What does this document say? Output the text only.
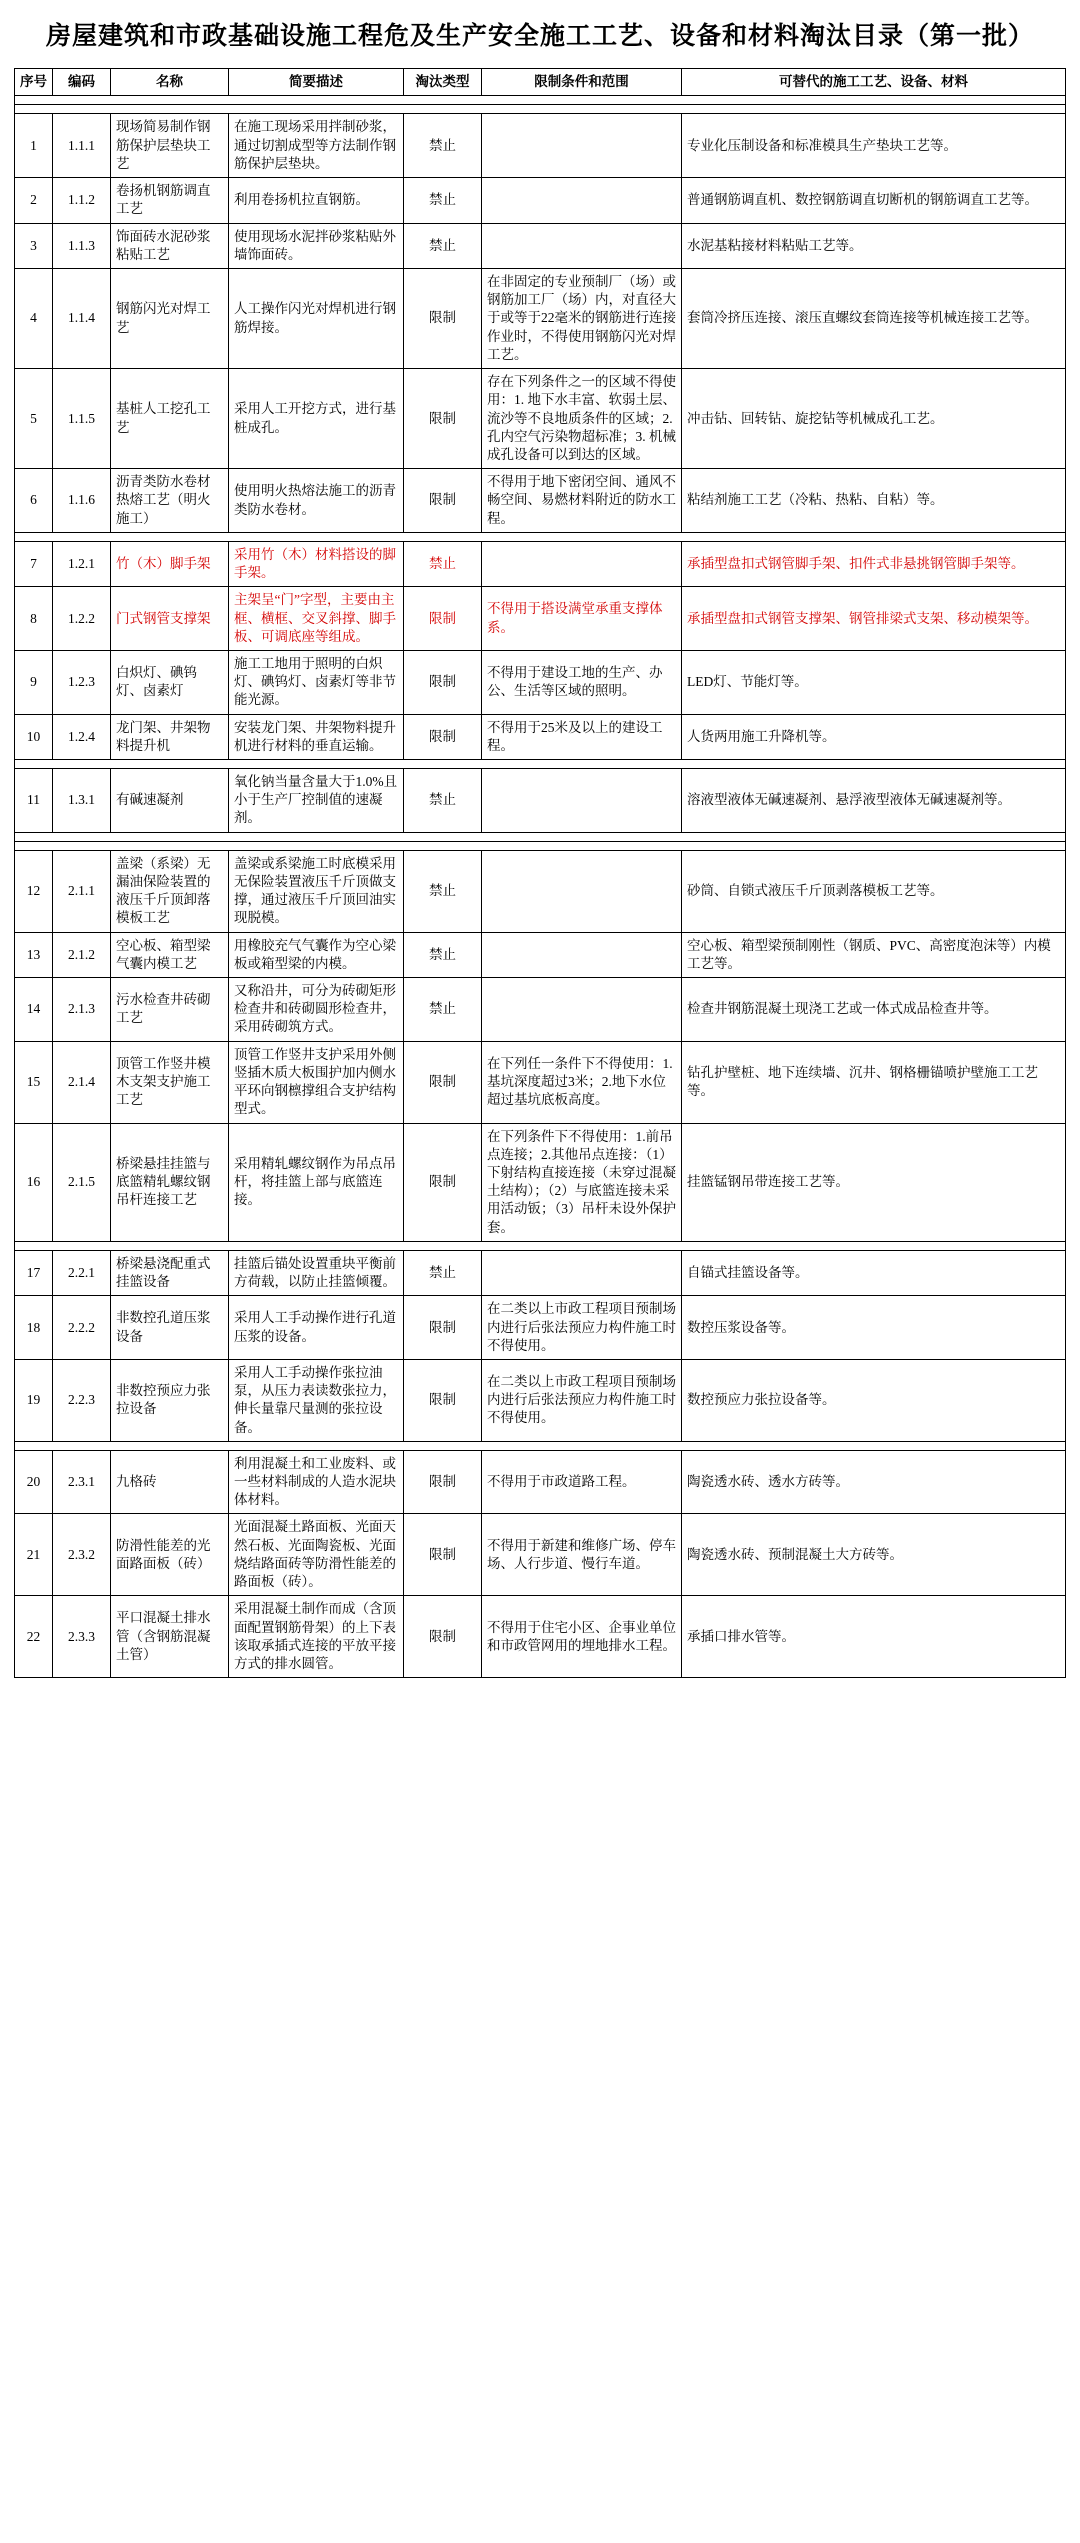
房屋建筑和市政基础设施工程危及生产安全施工工艺、设备和材料淘汰目录（第一批）
序号	编码	名称	简要描述	淘汰类型	限制条件和范围	可替代的施工工艺、设备、材料

1	1.1.1	现场简易制作钢筋保护层垫块工艺	在施工现场采用拌制砂浆，通过切割成型等方法制作钢筋保护层垫块。	禁止		专业化压制设备和标准模具生产垫块工艺等。
2	1.1.2	卷扬机钢筋调直工艺	利用卷扬机拉直钢筋。	禁止		普通钢筋调直机、数控钢筋调直切断机的钢筋调直工艺等。
3	1.1.3	饰面砖水泥砂浆粘贴工艺	使用现场水泥拌砂浆粘贴外墙饰面砖。	禁止		水泥基粘接材料粘贴工艺等。
4	1.1.4	钢筋闪光对焊工艺	人工操作闪光对焊机进行钢筋焊接。	限制	在非固定的专业预制厂（场）或钢筋加工厂（场）内，对直径大于或等于22毫米的钢筋进行连接作业时，不得使用钢筋闪光对焊工艺。	套筒冷挤压连接、滚压直螺纹套筒连接等机械连接工艺等。
5	1.1.5	基桩人工挖孔工艺	采用人工开挖方式，进行基桩成孔。	限制	存在下列条件之一的区域不得使用：1. 地下水丰富、软弱土层、流沙等不良地质条件的区域；2. 孔内空气污染物超标准；3. 机械成孔设备可以到达的区域。	冲击钻、回转钻、旋挖钻等机械成孔工艺。
6	1.1.6	沥青类防水卷材热熔工艺（明火施工）	使用明火热熔法施工的沥青类防水卷材。	限制	不得用于地下密闭空间、通风不畅空间、易燃材料附近的防水工程。	粘结剂施工工艺（冷粘、热粘、自粘）等。

7	1.2.1	竹（木）脚手架	采用竹（木）材料搭设的脚手架。	禁止		承插型盘扣式钢管脚手架、扣件式非悬挑钢管脚手架等。
8	1.2.2	门式钢管支撑架	主架呈“门”字型，主要由主框、横框、交叉斜撑、脚手板、可调底座等组成。	限制	不得用于搭设满堂承重支撑体系。	承插型盘扣式钢管支撑架、钢管排梁式支架、移动模架等。
9	1.2.3	白炽灯、碘钨灯、卤素灯	施工工地用于照明的白炽灯、碘钨灯、卤素灯等非节能光源。	限制	不得用于建设工地的生产、办公、生活等区域的照明。	LED灯、节能灯等。
10	1.2.4	龙门架、井架物料提升机	安装龙门架、井架物料提升机进行材料的垂直运输。	限制	不得用于25米及以上的建设工程。	人货两用施工升降机等。

11	1.3.1	有碱速凝剂	氧化钠当量含量大于1.0%且小于生产厂控制值的速凝剂。	禁止		溶液型液体无碱速凝剂、悬浮液型液体无碱速凝剂等。

12	2.1.1	盖梁（系梁）无漏油保险装置的液压千斤顶卸落模板工艺	盖梁或系梁施工时底模采用无保险装置液压千斤顶做支撑，通过液压千斤顶回油实现脱模。	禁止		砂筒、自锁式液压千斤顶剥落模板工艺等。
13	2.1.2	空心板、箱型梁气囊内模工艺	用橡胶充气气囊作为空心梁板或箱型梁的内模。	禁止		空心板、箱型梁预制刚性（钢质、PVC、高密度泡沫等）内模工艺等。
14	2.1.3	污水检查井砖砌工艺	又称沿井，可分为砖砌矩形检查井和砖砌圆形检查井，采用砖砌筑方式。	禁止		检查井钢筋混凝土现浇工艺或一体式成品检查井等。
15	2.1.4	顶管工作竖井模木支架支护施工工艺	顶管工作竖井支护采用外侧竖插木质大板围护加内侧水平环向钢檩撑组合支护结构型式。	限制	在下列任一条件下不得使用：1.基坑深度超过3米；2.地下水位超过基坑底板高度。	钻孔护壁桩、地下连续墙、沉井、钢格栅锚喷护壁施工工艺等。
16	2.1.5	桥梁悬挂挂篮与底篮精轧螺纹钢吊杆连接工艺	采用精轧螺纹钢作为吊点吊杆，将挂篮上部与底篮连接。	限制	在下列条件下不得使用：1.前吊点连接；2.其他吊点连接：（1）下射结构直接连接（未穿过混凝土结构）；（2）与底篮连接未采用活动钣；（3）吊杆未设外保护套。	挂篮锰钢吊带连接工艺等。

17	2.2.1	桥梁悬浇配重式挂篮设备	挂篮后锚处设置重块平衡前方荷载，以防止挂篮倾覆。	禁止		自锚式挂篮设备等。
18	2.2.2	非数控孔道压浆设备	采用人工手动操作进行孔道压浆的设备。	限制	在二类以上市政工程项目预制场内进行后张法预应力构件施工时不得使用。	数控压浆设备等。
19	2.2.3	非数控预应力张拉设备	采用人工手动操作张拉油泵，从压力表读数张拉力，伸长量靠尺量测的张拉设备。	限制	在二类以上市政工程项目预制场内进行后张法预应力构件施工时不得使用。	数控预应力张拉设备等。

20	2.3.1	九格砖	利用混凝土和工业废料、或一些材料制成的人造水泥块体材料。	限制	不得用于市政道路工程。	陶瓷透水砖、透水方砖等。
21	2.3.2	防滑性能差的光面路面板（砖）	光面混凝土路面板、光面天然石板、光面陶瓷板、光面烧结路面砖等防滑性能差的路面板（砖）。	限制	不得用于新建和维修广场、停车场、人行步道、慢行车道。	陶瓷透水砖、预制混凝土大方砖等。
22	2.3.3	平口混凝土排水管（含钢筋混凝土管）	采用混凝土制作而成（含顶面配置钢筋骨架）的上下表该取承插式连接的平放平接方式的排水圆管。	限制	不得用于住宅小区、企事业单位和市政管网用的埋地排水工程。	承插口排水管等。
